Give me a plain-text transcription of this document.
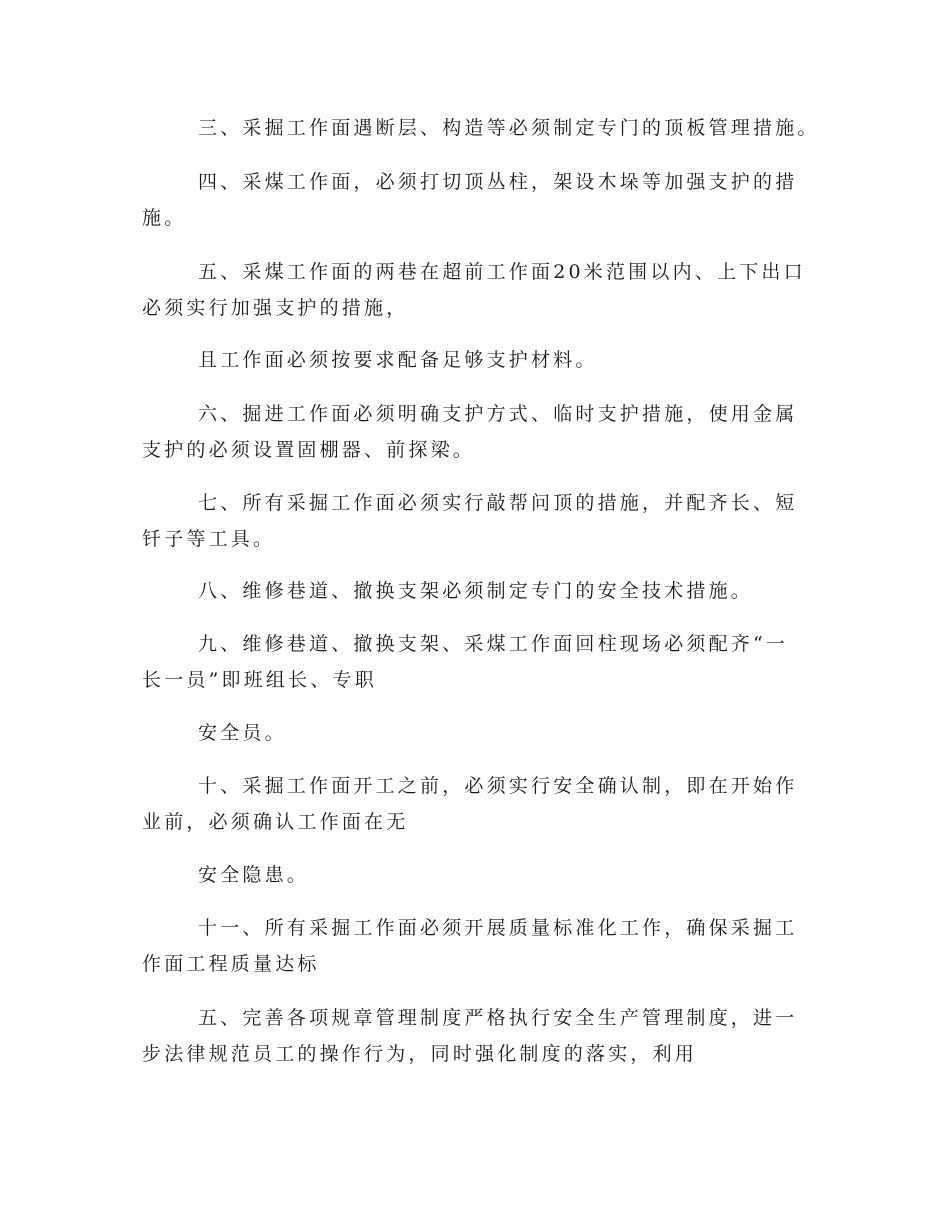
三、采掘工作面遇断层、构造等必须制定专门的顶板管理措施。

四、采煤工作面，必须打切顶丛柱，架设木垛等加强支护的措施。

五、采煤工作面的两巷在超前工作面20米范围以内、上下出口必须实行加强支护的措施，

且工作面必须按要求配备足够支护材料。

六、掘进工作面必须明确支护方式、临时支护措施，使用金属支护的必须设置固棚器、前探梁。

七、所有采掘工作面必须实行敲帮问顶的措施，并配齐长、短钎子等工具。

八、维修巷道、撤换支架必须制定专门的安全技术措施。

九、维修巷道、撤换支架、采煤工作面回柱现场必须配齐“一长一员”即班组长、专职

安全员。

十、采掘工作面开工之前，必须实行安全确认制，即在开始作业前，必须确认工作面在无

安全隐患。

十一、所有采掘工作面必须开展质量标准化工作，确保采掘工作面工程质量达标

五、完善各项规章管理制度严格执行安全生产管理制度，进一步法律规范员工的操作行为，同时强化制度的落实，利用
